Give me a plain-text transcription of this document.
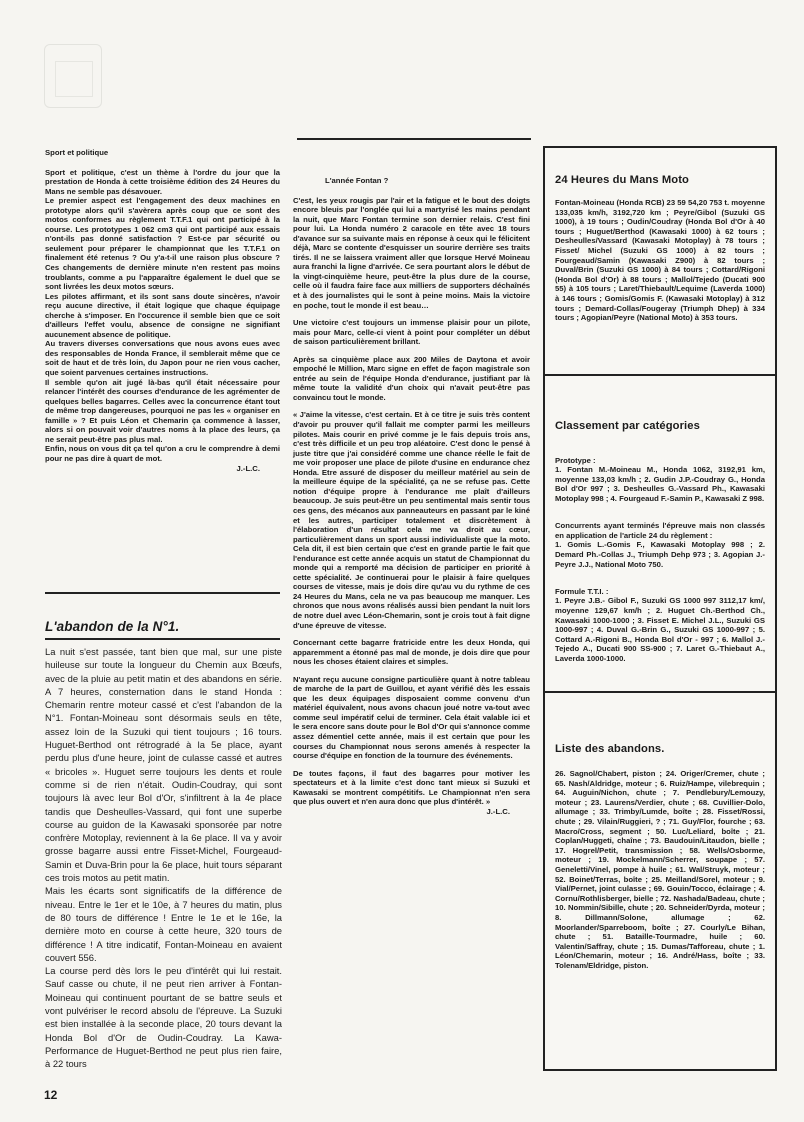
Sport et politique

Sport et politique, c'est un thème à l'ordre du jour que la prestation de Honda à cette troisième édition des 24 Heures du Mans ne semble pas désavouer.

Le premier aspect est l'engagement des deux machines en prototype alors qu'il s'avèrera après coup que ce sont des motos conformes au règlement T.T.F.1 qui ont participé à la course. Les prototypes 1 062 cm3 qui ont participé aux essais n'ont-ils pas donné satisfaction ? Est-ce par sécurité ou seulement pour préparer le championnat que les T.T.F.1 on finalement été retenus ? Ou y'a-t-il une raison plus obscure ? Ces changements de dernière minute n'en restent pas moins troublants, comme a pu l'apparaître également le duel que se sont livrées les deux motos sœurs.

Les pilotes affirmant, et ils sont sans doute sincères, n'avoir reçu aucune directive, il était logique que chaque équipage cherche à s'imposer. En l'occurence il semble bien que ce soit d'ailleurs l'effet voulu, absence de consigne ne signifiant aucunement absence de politique.

Au travers diverses conversations que nous avons eues avec des responsables de Honda France, il semblerait même que ce soit de haut et de très loin, du Japon pour ne rien vous cacher, que soient parvenues certaines instructions.

Il semble qu'on ait jugé là-bas qu'il était nécessaire pour relancer l'intérêt des courses d'endurance de les agrémenter de quelques belles bagarres. Celles avec la concurrence étant tout de même trop dangereuses, pourquoi ne pas les « organiser en famille » ? Et puis Léon et Chemarin ça commence à lasser, alors si on pouvait voir d'autres noms à la place des leurs, ça ne serait peut-être pas plus mal.

Enfin, nous on vous dit ça tel qu'on a cru le comprendre à demi pour ne pas dire à quart de mot.

J.-L.C.

L'abandon de la N°1.

La nuit s'est passée, tant bien que mal, sur une piste huileuse sur toute la longueur du Chemin aux Bœufs, avec de la pluie au petit matin et des abandons en série. A 7 heures, consternation dans le stand Honda : Chemarin rentre moteur cassé et c'est l'abandon de la N°1. Fontan-Moineau sont désormais seuls en tête, assez loin de la Suzuki qui tient toujours ; 16 tours. Huguet-Berthod ont rétrogradé à la 5e place, ayant perdu plus d'une heure, joint de culasse cassé et autres « bricoles ». Huguet serre toujours les dents et roule comme si de rien n'était. Oudin-Coudray, qui sont toujours là avec leur Bol d'Or, s'infiltrent à la 4e place tandis que Desheulles-Vassard, qui font une superbe course au guidon de la Kawasaki sponsorée par notre confrère Motoplay, reviennent à la 6e place. Il va y avoir grosse bagarre aussi entre Fisset-Michel, Fourgeaud-Samin et Duva-Brin pour la 6e place, huit tours séparant ces trois motos au petit matin.

Mais les écarts sont significatifs de la différence de niveau. Entre le 1er et le 10e, à 7 heures du matin, plus de 80 tours de différence ! Entre le 1e et le 16e, la dernière moto en course à cette heure, 320 tours de différence ! A titre indicatif, Fontan-Moineau en avaient couvert 556.

La course perd dès lors le peu d'intérêt qui lui restait. Sauf casse ou chute, il ne peut rien arriver à Fontan-Moineau qui continuent pourtant de se battre seuls et vont pulvériser le record absolu de l'épreuve. La Suzuki est bien installée à la seconde place, 20 tours devant la Honda Bol d'Or de Oudin-Coudray. La Kawa-Performance de Huguet-Berthod ne peut plus rien faire, à 22 tours

L'année Fontan ?

C'est, les yeux rougis par l'air et la fatigue et le bout des doigts encore bleuis par l'onglée qui lui a martyrisé les mains pendant la nuit, que Marc Fontan termine son dernier relais. C'est fini pour lui. La Honda numéro 2 caracole en tête avec 18 tours d'avance sur sa suivante mais en réponse à ceux qui le félicitent déjà, Marc se contente d'esquisser un sourire derrière ses traits tirés. Il ne se laissera vraiment aller que lorsque Hervé Moineau aura franchi la ligne d'arrivée. Ce sera pourtant alors le début de la vingt-cinquième heure, peut-être la plus dure de la course, celle où il faudra faire face aux milliers de supporters déchaînés et à des journalistes qui le sont à peine moins. Mais la victoire en poche, tout le monde il est beau…

Une victoire c'est toujours un immense plaisir pour un pilote, mais pour Marc, celle-ci vient à point pour compléter un début de saison particulièrement brillant.

Après sa cinquième place aux 200 Miles de Daytona et avoir empoché le Million, Marc signe en effet de façon magistrale son entrée au sein de l'équipe Honda d'endurance, justifiant par là même toute la validité d'un choix qui n'avait peut-être pas convaincu tout le monde.

« J'aime la vitesse, c'est certain. Et à ce titre je suis très content d'avoir pu prouver qu'il fallait me compter parmi les meilleurs pilotes. Mais courir en privé comme je le fais depuis trois ans, c'est très difficile et un peu trop aléatoire. C'est donc le pensé à juste titre que j'ai considéré comme une chance réelle le fait de me voir proposer une place de pilote d'usine en endurance chez Honda. Etre assuré de disposer du meilleur matériel au sein de la meilleure équipe de la spécialité, ça ne se refuse pas. Cette notion d'équipe propre à l'endurance me plaît d'ailleurs beaucoup. Je suis peut-être un peu sentimental mais sentir tous ces gens, des mécanos aux panneauteurs en passant par le kiné et les autres, participer totalement et discrètement à l'élaboration d'un résultat cela me va droit au cœur, particulièrement dans un sport aussi individualiste que la moto. Cela dit, il est bien certain que c'est en grande partie le fait que l'endurance est cette année acquis un statut de Championnat du monde qui a remporté ma décision de participer en priorité à cette spécialité. Je continuerai pour le plaisir à faire quelques courses de vitesse, mais je dois dire qu'au vu du rythme de ces 24 Heures du Mans, cela ne va pas beaucoup me manquer. Les chronos que nous avons réalisés aussi bien pendant la nuit lors de notre duel avec Léon-Chemarin, sont je crois tout à fait digne d'une épreuve de vitesse.

Concernant cette bagarre fratricide entre les deux Honda, qui apparemment a étonné pas mal de monde, je dois dire que pour nous les choses étaient claires et simples.

N'ayant reçu aucune consigne particulière quant à notre tableau de marche de la part de Guillou, et ayant vérifié dès les essais que les deux équipages disposaient comme convenu d'un matériel équivalent, nous avons chacun joué notre va-tout avec comme seul impératif celui de terminer. Cela était valable ici et le sera encore sans doute pour le Bol d'Or qui s'annonce comme assez démentiel cette année, mais il est certain que pour les courses du Championnat nous serons amenés à respecter la course d'équipe en fonction de la tournure des événements.

De toutes façons, il faut des bagarres pour motiver les spectateurs et à la limite c'est donc tant mieux si Suzuki et Kawasaki se montrent compétitifs. Le Championnat n'en sera que plus ouvert et n'en aura donc que plus d'intérêt. »

J.-L.C.

24 Heures du Mans Moto
Fontan-Moineau (Honda RCB) 23 59 54,20 753 t. moyenne 133,035 km/h, 3192,720 km ; Peyre/Gibol (Suzuki GS 1000), à 19 tours ; Oudin/Coudray (Honda Bol d'Or à 40 tours ; Huguet/Berthod (Kawasaki 1000) à 62 tours ; Desheulles/Vassard (Kawasaki Motoplay) à 78 tours ; Fisset/ Michel (Suzuki GS 1000) à 82 tours ; Fourgeaud/Samin (Kawasaki Z900) à 82 tours ; Duval/Brin (Suzuki GS 1000) à 84 tours ; Cottard/Rigoni (Honda Bol d'Or) à 88 tours ; Mallol/Tejedo (Ducati 900 55) à 105 tours ; Laret/Thiebault/Lequime (Laverda 1000) à 146 tours ; Gomis/Gomis F. (Kawasaki Motoplay) à 312 tours ; Demard-Collas/Fougeray (Triumph Dhep) à 334 tours ; Agopian/Peyre (National Moto) à 353 tours.
Classement par catégories

Prototype :
1. Fontan M.-Moineau M., Honda 1062, 3192,91 km, moyenne 133,03 km/h ; 2. Gudin J.P.-Coudray G., Honda Bol d'Or 997 ; 3. Desheulles G.-Vassard Ph., Kawasaki Motoplay 998 ; 4. Fourgeaud F.-Samin P., Kawasaki Z 998.

Concurrents ayant terminés l'épreuve mais non classés en application de l'article 24 du règlement :
1. Gomis L.-Gomis F., Kawasaki Motoplay 998 ; 2. Demard Ph.-Collas J., Triumph Dehp 973 ; 3. Agopian J.-Peyre J.J., National Moto 750.

Formule T.T.I. :
1. Peyre J.B.- Gibol F., Suzuki GS 1000 997 3112,17 km/, moyenne 129,67 km/h ; 2. Huguet Ch.-Berthod Ch., Kawasaki 1000-1000 ; 3. Fisset E. Michel J.L., Suzuki GS 1000-997 ; 4. Duval G.-Brin G., Suzuki GS 1000-997 ; 5. Cottard A.-Rigoni B., Honda Bol d'Or - 997 ; 6. Mallol J.-Tejedo A., Ducati 900 SS-900 ; 7. Laret G.-Thiebaut A., Laverda 1000-1000.

Liste des abandons.
26. Sagnol/Chabert, piston ; 24. Origer/Cremer, chute ; 65. Nash/Aldridge, moteur ; 6. Ruiz/Hampe, vilebrequin ; 64. Auguin/Nichon, chute ; 7. Pendlebury/Lemouzy, moteur ; 23. Laurens/Verdier, chute ; 68. Cuvillier-Dolo, allumage ; 33. Trimby/Lumde, boîte ; 28. Fisset/Rossi, chute ; 29. Vilain/Ruggieri, ? ; 71. Guy/Flor, fourche ; 63. Macro/Cross, segment ; 50. Luc/Leliard, boîte ; 21. Coplan/Huggeti, chaîne ; 73. Baudouin/Litaudon, bielle ; 17. Hogrel/Petit, transmission ; 58. Wells/Osborme, moteur ; 19. Mockelmann/Scherrer, soupape ; 57. Geneletti/Vinel, pompe à huile ; 61. Wal/Struyk, moteur ; 52. Boinet/Terras, boîte ; 25. Meilland/Sorel, moteur ; 9. Vial/Pernet, joint culasse ; 69. Gouin/Tocco, éclairage ; 4. Cornu/Rothlisberger, bielle ; 72. Nashada/Badeau, chute ; 10. Nommin/Sibille, chute ; 20. Schneider/Dyrda, moteur ; 8. Dillmann/Solone, allumage ; 62. Moorlander/Sparreboom, boîte ; 27. Courly/Le Bihan, chute ; 51. Bataille-Tourmadre, huile ; 60. Valentin/Saffray, chute ; 15. Dumas/Tafforeau, chute ; 1. Léon/Chemarin, moteur ; 16. André/Hass, boîte ; 33. Tolenam/Eldridge, piston.
12
